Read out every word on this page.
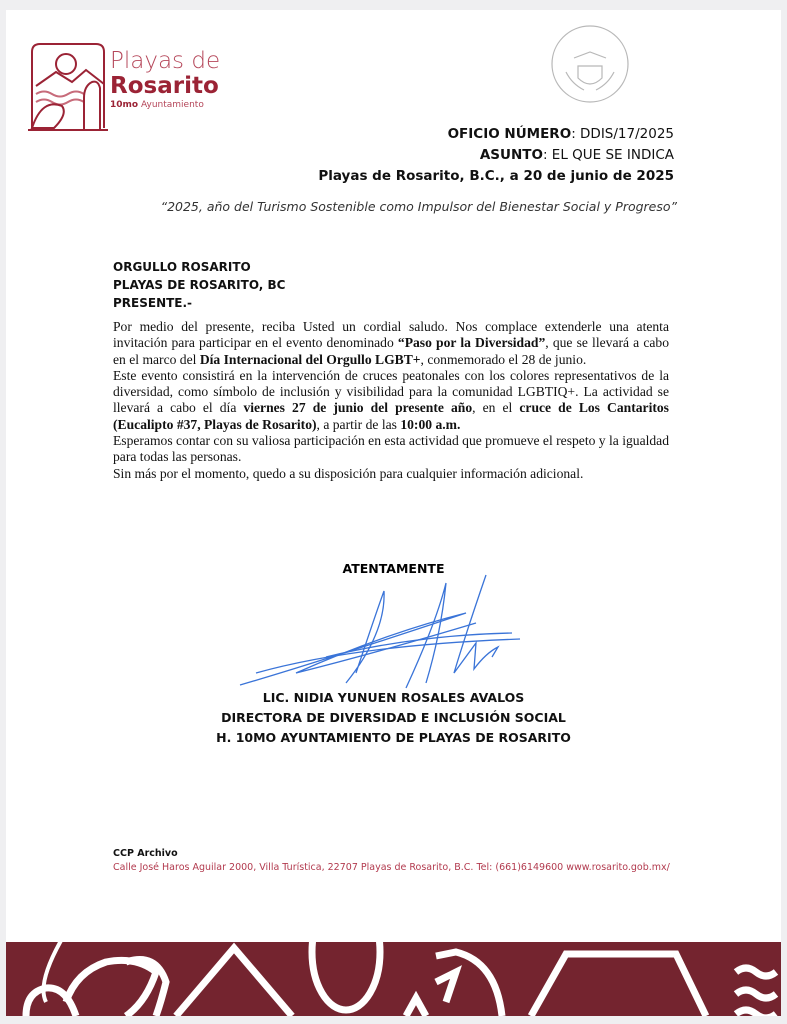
Playas de
Rosarito
10mo Ayuntamiento
OFICIO NÚMERO: DDIS/17/2025
ASUNTO: EL QUE SE INDICA
Playas de Rosarito, B.C., a 20 de junio de 2025
“2025, año del Turismo Sostenible como Impulsor del Bienestar Social y Progreso”
ORGULLO ROSARITO
PLAYAS DE ROSARITO, BC
PRESENTE.-

Por medio del presente, reciba Usted un cordial saludo. Nos complace extenderle una atenta invitación para participar en el evento denominado “Paso por la Diversidad”, que se llevará a cabo en el marco del Día Internacional del Orgullo LGBT+, conmemorado el 28 de junio.

Este evento consistirá en la intervención de cruces peatonales con los colores representativos de la diversidad, como símbolo de inclusión y visibilidad para la comunidad LGBTIQ+. La actividad se llevará a cabo el día viernes 27 de junio del presente año, en el cruce de Los Cantaritos (Eucalipto #37, Playas de Rosarito), a partir de las 10:00 a.m.

Esperamos contar con su valiosa participación en esta actividad que promueve el respeto y la igualdad para todas las personas.

Sin más por el momento, quedo a su disposición para cualquier información adicional.

ATENTAMENTE
LIC. NIDIA YUNUEN ROSALES AVALOS
DIRECTORA DE DIVERSIDAD E INCLUSIÓN SOCIAL
H. 10MO AYUNTAMIENTO DE PLAYAS DE ROSARITO
CCP Archivo
Calle José Haros Aguilar 2000, Villa Turística, 22707 Playas de Rosarito, B.C. Tel: (661)6149600 www.rosarito.gob.mx/
